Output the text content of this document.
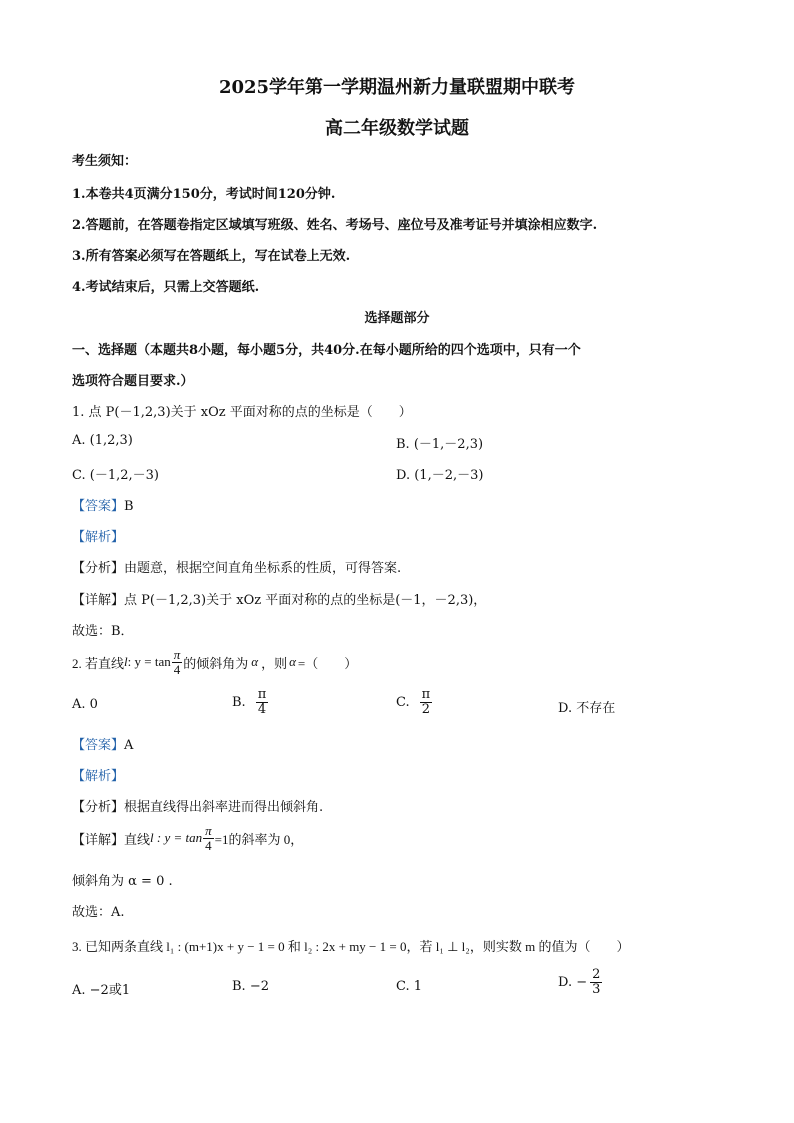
2025学年第一学期温州新力量联盟期中联考
高二年级数学试题
考生须知：
1.本卷共4页满分150分，考试时间120分钟.
2.答题前，在答题卷指定区域填写班级、姓名、考场号、座位号及准考证号并填涂相应数字.
3.所有答案必须写在答题纸上，写在试卷上无效.
4.考试结束后，只需上交答题纸.
选择题部分
一、选择题（本题共8小题，每小题5分，共40分.在每小题所给的四个选项中，只有一个
选项符合题目要求.）
1. 点 P(－1,2,3)关于 xOz 平面对称的点的坐标是（　　）
A. (1,2,3)	B. (－1,－2,3)
C. (－1,2,－3)	D. (1,－2,－3)
【答案】B
【解析】
【分析】由题意，根据空间直角坐标系的性质，可得答案.
【详解】点 P(－1,2,3)关于 xOz 平面对称的点的坐标是(－1，－2,3)，
故选：B．
2. 若直线 l : $y = \tan \frac{\pi}{4}$ 的倾斜角为 α ，则 α =（　　）
A. 0	B. $\frac{\pi}{4}$	C. $\frac{\pi}{2}$	D. 不存在
【答案】A
【解析】
【分析】根据直线得出斜率进而得出倾斜角.
【详解】 直线 l : $y = \tan \frac{\pi}{4} =1$的斜率为 0，
倾斜角为 α = 0 .
故选：A.
3. 已知两条直线 l₁ : (m+1)x + y − 1 = 0 和 l₂ : 2x + my − 1 = 0，若 l₁ ⊥ l₂，则实数 m 的值为（　　）
A. −2或1	B. −2	C. 1	D. − $\frac{2}{3}$
